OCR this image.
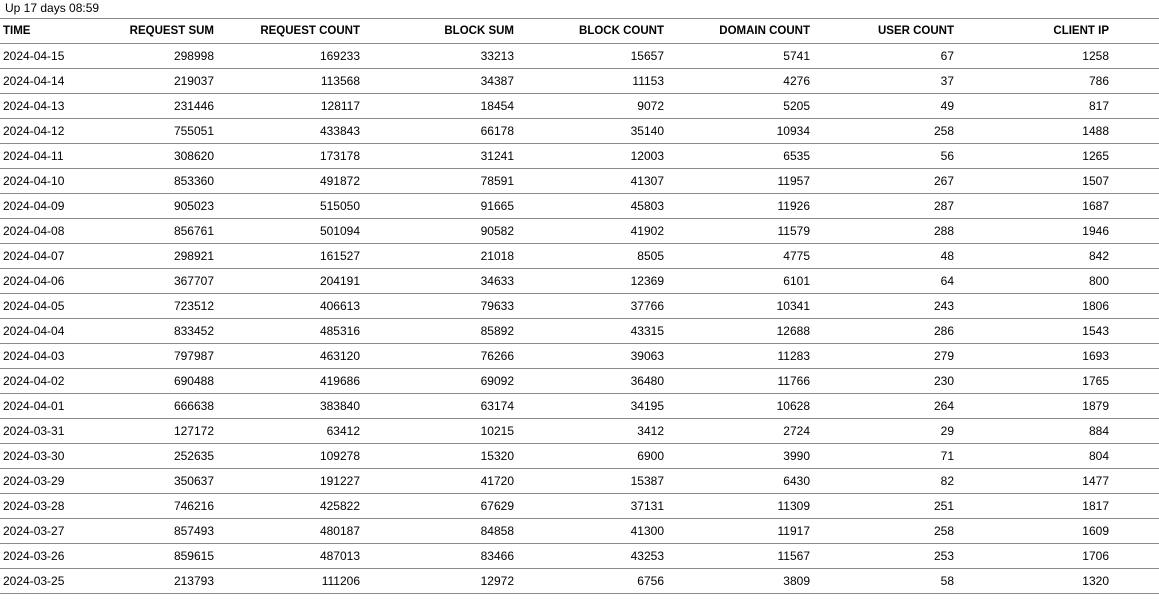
Up 17 days 08:59
TIME	REQUEST SUM	REQUEST COUNT	BLOCK SUM	BLOCK COUNT	DOMAIN COUNT	USER COUNT	CLIENT IP
2024-04-15	298998	169233	33213	15657	5741	67	1258
2024-04-14	219037	113568	34387	11153	4276	37	786
2024-04-13	231446	128117	18454	9072	5205	49	817
2024-04-12	755051	433843	66178	35140	10934	258	1488
2024-04-11	308620	173178	31241	12003	6535	56	1265
2024-04-10	853360	491872	78591	41307	11957	267	1507
2024-04-09	905023	515050	91665	45803	11926	287	1687
2024-04-08	856761	501094	90582	41902	11579	288	1946
2024-04-07	298921	161527	21018	8505	4775	48	842
2024-04-06	367707	204191	34633	12369	6101	64	800
2024-04-05	723512	406613	79633	37766	10341	243	1806
2024-04-04	833452	485316	85892	43315	12688	286	1543
2024-04-03	797987	463120	76266	39063	11283	279	1693
2024-04-02	690488	419686	69092	36480	11766	230	1765
2024-04-01	666638	383840	63174	34195	10628	264	1879
2024-03-31	127172	63412	10215	3412	2724	29	884
2024-03-30	252635	109278	15320	6900	3990	71	804
2024-03-29	350637	191227	41720	15387	6430	82	1477
2024-03-28	746216	425822	67629	37131	11309	251	1817
2024-03-27	857493	480187	84858	41300	11917	258	1609
2024-03-26	859615	487013	83466	43253	11567	253	1706
2024-03-25	213793	111206	12972	6756	3809	58	1320
